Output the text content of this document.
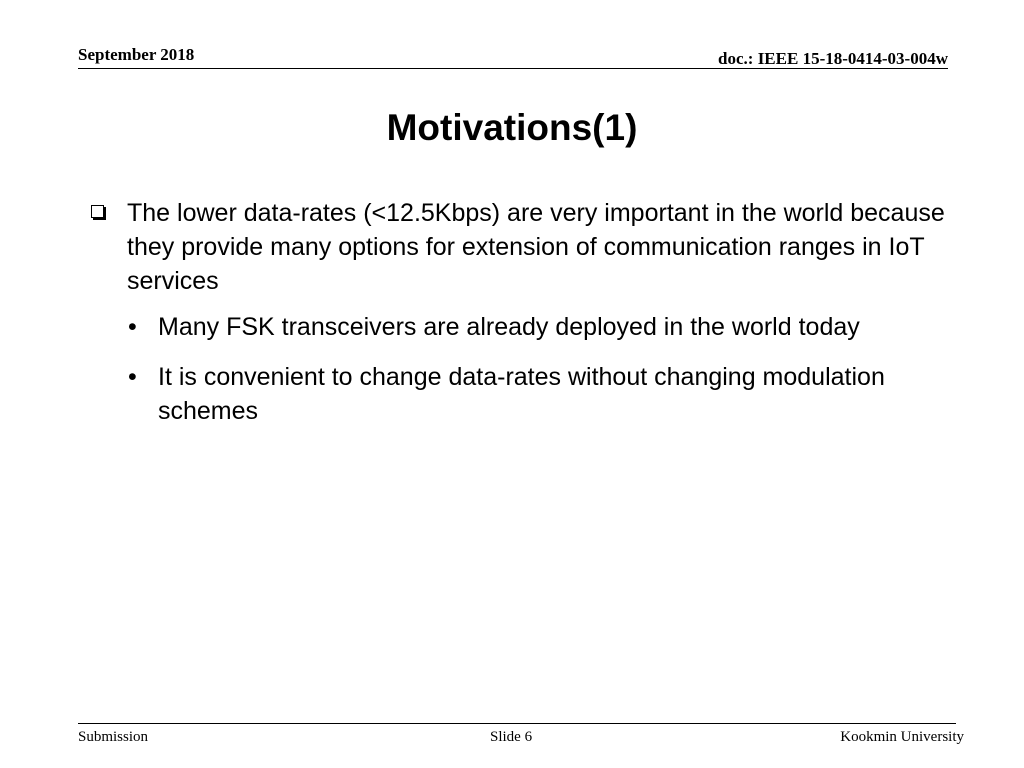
September 2018	doc.: IEEE 15-18-0414-03-004w
Motivations(1)
The lower data-rates (<12.5Kbps) are very important in the world because they provide many options for extension of communication ranges in IoT services
• Many FSK transceivers are already deployed in the world today
• It is convenient to change data-rates without changing modulation schemes
Submission	Slide 6	Kookmin University
